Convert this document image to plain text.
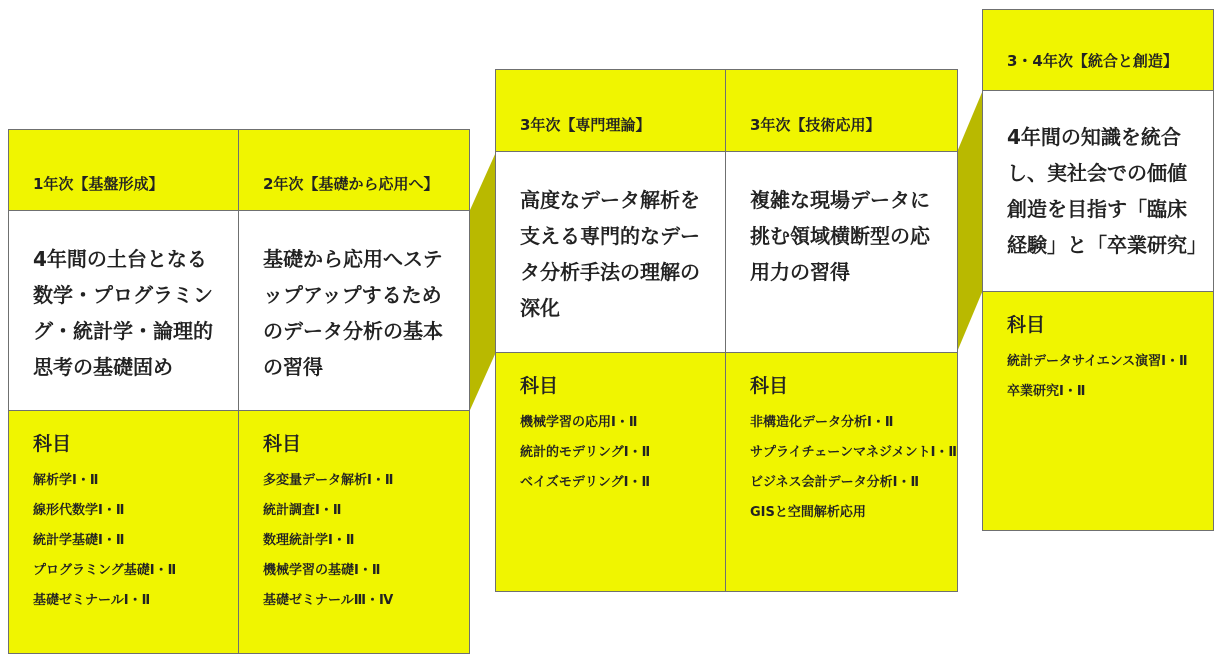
1年次【基盤形成】
4年間の土台となる数学・プログラミング・統計学・論理的思考の基礎固め
科目
解析学Ⅰ・Ⅱ
線形代数学Ⅰ・Ⅱ
統計学基礎Ⅰ・Ⅱ
プログラミング基礎Ⅰ・Ⅱ
基礎ゼミナールⅠ・Ⅱ
2年次【基礎から応用へ】
基礎から応用へステップアップするためのデータ分析の基本の習得
科目
多変量データ解析Ⅰ・Ⅱ
統計調査Ⅰ・Ⅱ
数理統計学Ⅰ・Ⅱ
機械学習の基礎Ⅰ・Ⅱ
基礎ゼミナールⅢ・Ⅳ
3年次【専門理論】
高度なデータ解析を支える専門的なデータ分析手法の理解の深化
科目
機械学習の応用Ⅰ・Ⅱ
統計的モデリングⅠ・Ⅱ
ベイズモデリングⅠ・Ⅱ
3年次【技術応用】
複雑な現場データに挑む領域横断型の応用力の習得
科目
非構造化データ分析Ⅰ・Ⅱ
サプライチェーンマネジメントⅠ・Ⅱ
ビジネス会計データ分析Ⅰ・Ⅱ
GISと空間解析応用
3・4年次【統合と創造】
4年間の知識を統合し、実社会での価値創造を目指す「臨床経験」と「卒業研究」
科目
統計データサイエンス演習Ⅰ・Ⅱ
卒業研究Ⅰ・Ⅱ
